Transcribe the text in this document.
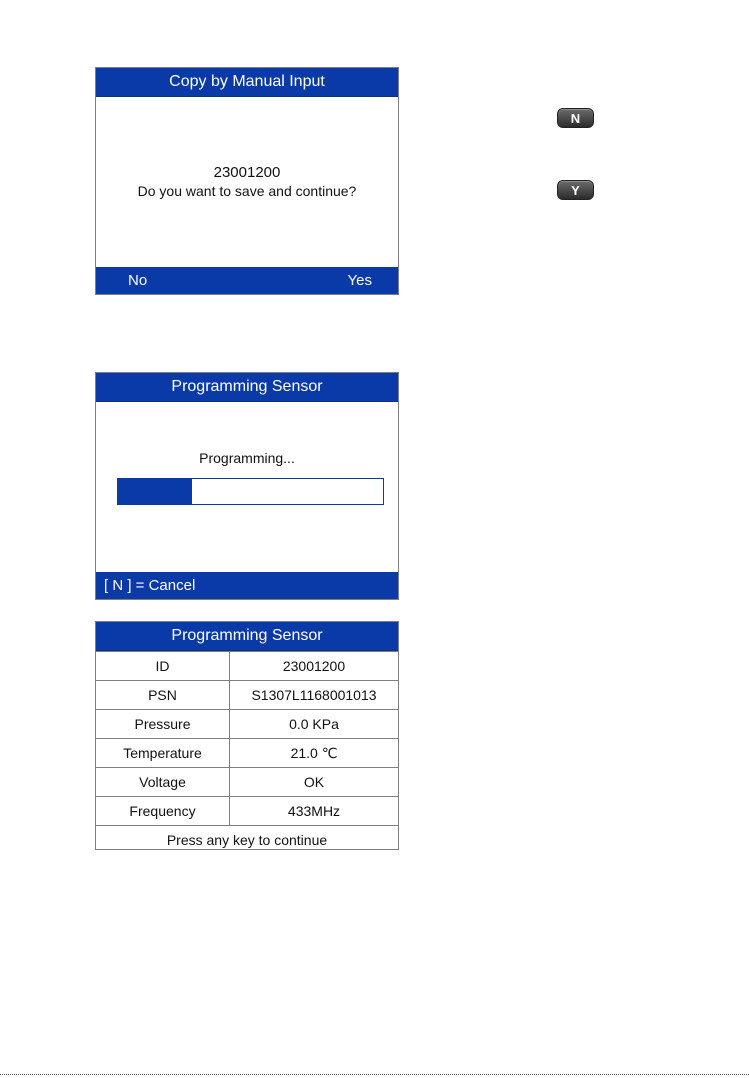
Copy by Manual Input
23001200
Do you want to save and continue?
No	Yes
N
Y
Programming Sensor
Programming...
[ N ] = Cancel
Programming Sensor
ID	23001200
PSN	S1307L1168001013
Pressure	0.0 KPa
Temperature	21.0 ℃
Voltage	OK
Frequency	433MHz
Press any key to continue	
